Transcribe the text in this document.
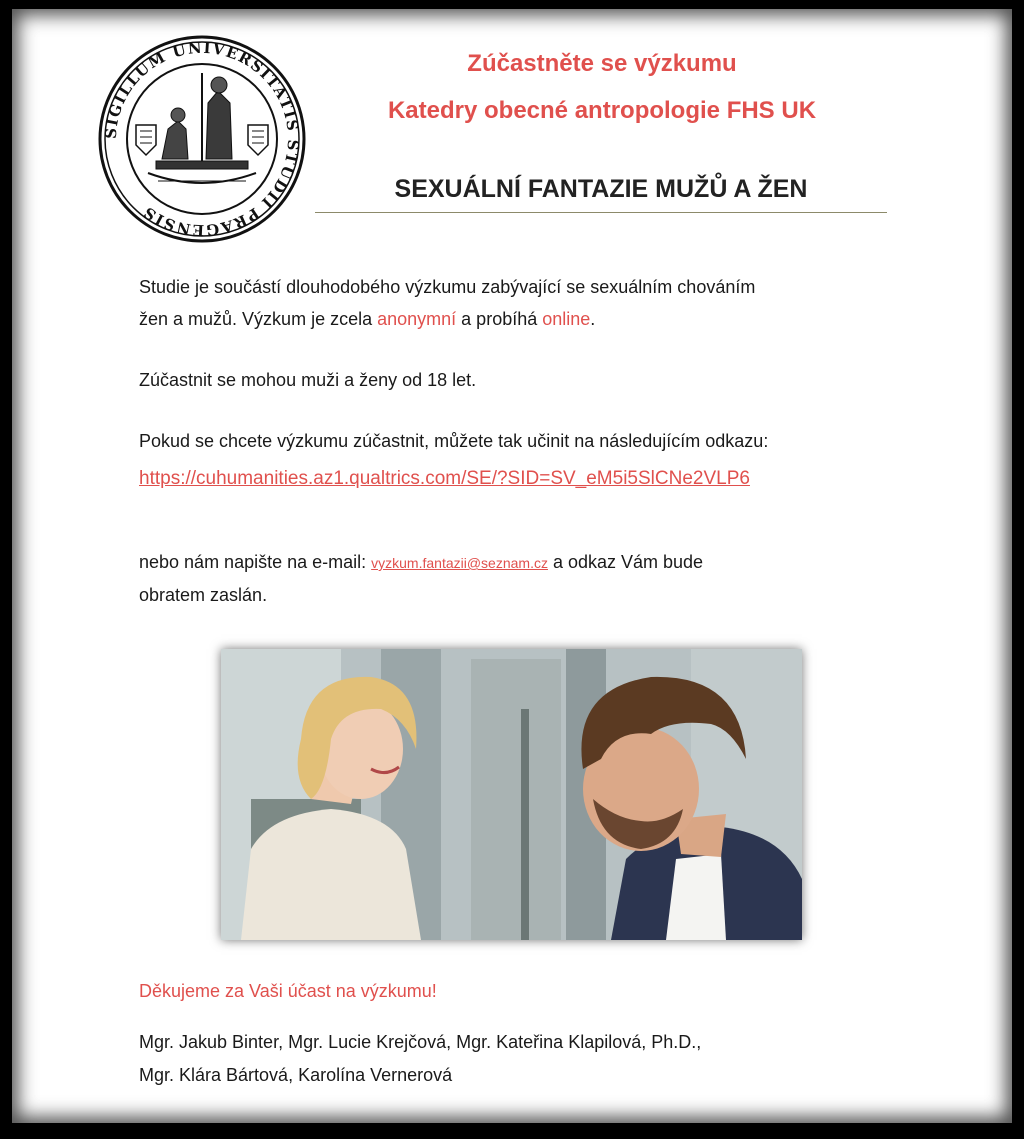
SIGILLUM UNIVERSITATIS STUDII PRAGENSIS
Zúčastněte se výzkumu
Katedry obecné antropologie FHS UK
SEXUÁLNÍ FANTAZIE MUŽŮ A ŽEN
Studie je součástí dlouhodobého výzkumu zabývající se sexuálním chováním
žen a mužů. Výzkum je zcela anonymní a probíhá online.
Zúčastnit se mohou muži a ženy od 18 let.
Pokud se chcete výzkumu zúčastnit, můžete tak učinit na následujícím odkazu:
https://cuhumanities.az1.qualtrics.com/SE/?SID=SV_eM5i5SlCNe2VLP6
nebo nám napište na e-mail: vyzkum.fantazii@seznam.cz a odkaz Vám bude
obratem zaslán.
Děkujeme za Vaši účast na výzkumu!
Mgr. Jakub Binter, Mgr. Lucie Krejčová, Mgr. Kateřina Klapilová, Ph.D.,
Mgr. Klára Bártová, Karolína Vernerová
